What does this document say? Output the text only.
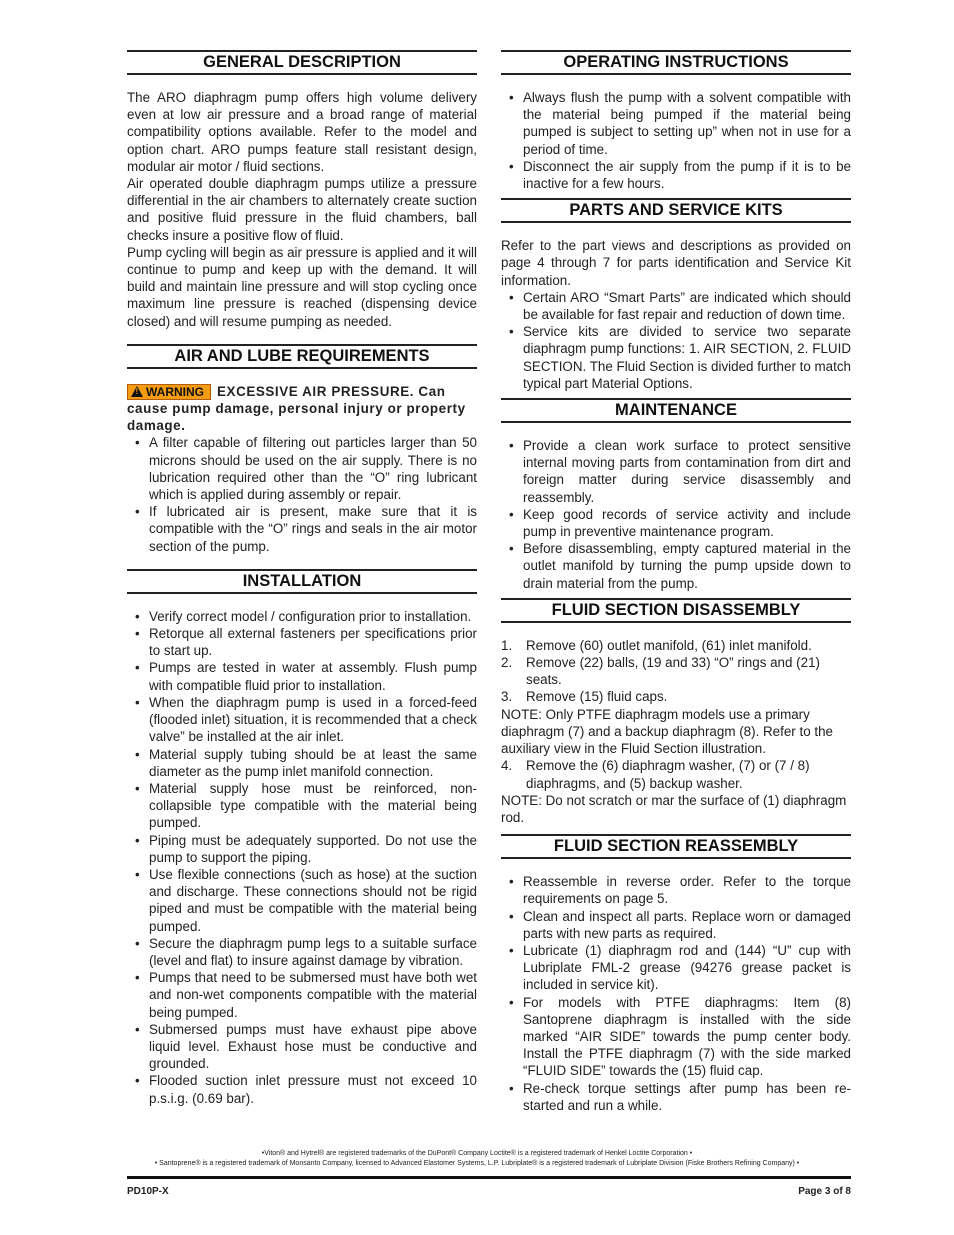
GENERAL DESCRIPTION

The ARO diaphragm pump offers high volume delivery even at low air pressure and a broad range of material compatibility options available. Refer to the model and option chart. ARO pumps feature stall resistant design, modular air motor / fluid sections.

Air operated double diaphragm pumps utilize a pressure differential in the air chambers to alternately create suction and positive fluid pressure in the fluid chambers, ball checks insure a positive flow of fluid.

Pump cycling will begin as air pressure is applied and it will continue to pump and keep up with the demand. It will build and maintain line pressure and will stop cycling once maximum line pressure is reached (dispensing device closed) and will resume pumping as needed.

AIR AND LUBE REQUIREMENTS

! WARNING EXCESSIVE AIR PRESSURE. Can cause pump damage, personal injury or property damage.

• A filter capable of filtering out particles larger than 50 microns should be used on the air supply. There is no lubrication required other than the “O” ring lubricant which is applied during assembly or repair.
• If lubricated air is present, make sure that it is compatible with the “O” rings and seals in the air motor section of the pump.
INSTALLATION
• Verify correct model / configuration prior to installation.
• Retorque all external fasteners per specifications prior to start up.
• Pumps are tested in water at assembly. Flush pump with compatible fluid prior to installation.
• When the diaphragm pump is used in a forced-feed (flooded inlet) situation, it is recommended that a check valve” be installed at the air inlet.
• Material supply tubing should be at least the same diameter as the pump inlet manifold connection.
• Material supply hose must be reinforced, non-collapsible type compatible with the material being pumped.
• Piping must be adequately supported. Do not use the pump to support the piping.
• Use flexible connections (such as hose) at the suction and discharge. These connections should not be rigid piped and must be compatible with the material being pumped.
• Secure the diaphragm pump legs to a suitable surface (level and flat) to insure against damage by vibration.
• Pumps that need to be submersed must have both wet and non-wet components compatible with the material being pumped.
• Submersed pumps must have exhaust pipe above liquid level. Exhaust hose must be conductive and grounded.
• Flooded suction inlet pressure must not exceed 10 p.s.i.g. (0.69 bar).
OPERATING INSTRUCTIONS
• Always flush the pump with a solvent compatible with the material being pumped if the material being pumped is subject to setting up” when not in use for a period of time.
• Disconnect the air supply from the pump if it is to be inactive for a few hours.
PARTS AND SERVICE KITS

Refer to the part views and descriptions as provided on page 4 through 7 for parts identification and Service Kit information.

• Certain ARO “Smart Parts” are indicated which should be available for fast repair and reduction of down time.
• Service kits are divided to service two separate diaphragm pump functions: 1. AIR SECTION, 2. FLUID SECTION. The Fluid Section is divided further to match typical part Material Options.
MAINTENANCE
• Provide a clean work surface to protect sensitive internal moving parts from contamination from dirt and foreign matter during service disassembly and reassembly.
• Keep good records of service activity and include pump in preventive maintenance program.
• Before disassembling, empty captured material in the outlet manifold by turning the pump upside down to drain material from the pump.
FLUID SECTION DISASSEMBLY
1. Remove (60) outlet manifold, (61) inlet manifold.
2. Remove (22) balls, (19 and 33) “O” rings and (21) seats.
3. Remove (15) fluid caps.

NOTE: Only PTFE diaphragm models use a primary diaphragm (7) and a backup diaphragm (8). Refer to the auxiliary view in the Fluid Section illustration.

4. Remove the (6) diaphragm washer, (7) or (7 / 8) diaphragms, and (5) backup washer.

NOTE: Do not scratch or mar the surface of (1) diaphragm rod.

FLUID SECTION REASSEMBLY
• Reassemble in reverse order. Refer to the torque requirements on page 5.
• Clean and inspect all parts. Replace worn or damaged parts with new parts as required.
• Lubricate (1) diaphragm rod and (144) “U” cup with Lubriplate FML-2 grease (94276 grease packet is included in service kit).
• For models with PTFE diaphragms: Item (8) Santoprene diaphragm is installed with the side marked “AIR SIDE” towards the pump center body. Install the PTFE diaphragm (7) with the side marked “FLUID SIDE” towards the (15) fluid cap.
• Re-check torque settings after pump has been re-started and run a while.
•Viton® and Hytrel® are registered trademarks of the DuPont® Company Loctite® is a registered trademark of Henkel Loctite Corporation •
• Santoprene® is a registered trademark of Monsanto Company, licensed to Advanced Elastomer Systems, L.P. Lubriplate® is a registered trademark of Lubriplate Division (Fiske Brothers Refining Company) •
PD10P-X	Page 3 of 8
